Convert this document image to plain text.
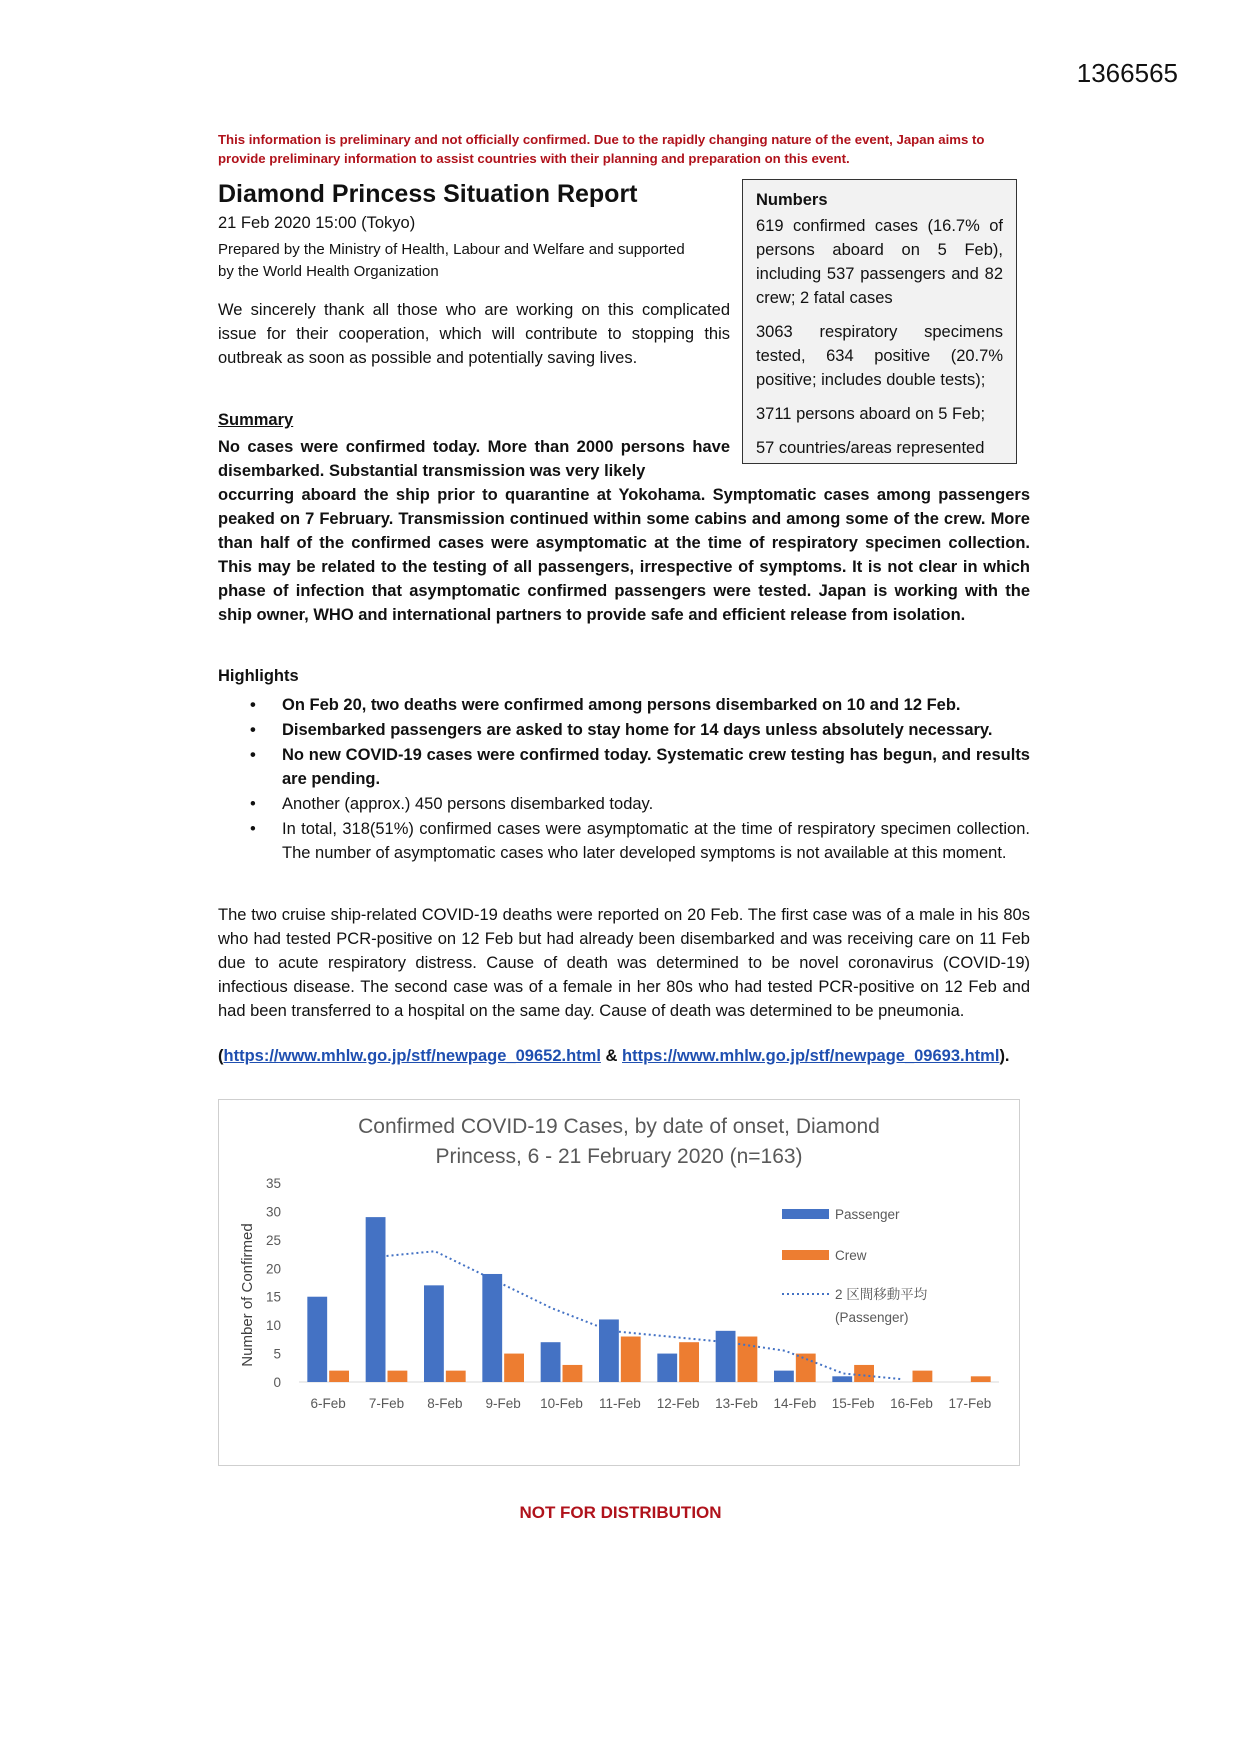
1366565
This information is preliminary and not officially confirmed. Due to the rapidly changing nature of the event, Japan aims to provide preliminary information to assist countries with their planning and preparation on this event.
Diamond Princess Situation Report
21 Feb 2020 15:00 (Tokyo)
Prepared by the Ministry of Health, Labour and Welfare and supported by the World Health Organization
We sincerely thank all those who are working on this complicated issue for their cooperation, which will contribute to stopping this outbreak as soon as possible and potentially saving lives.
Numbers

619 confirmed cases (16.7% of persons aboard on 5 Feb), including 537 passengers and 82 crew; 2 fatal cases

3063 respiratory specimens tested, 634 positive (20.7% positive; includes double tests);

3711 persons aboard on 5 Feb;

57 countries/areas represented

Summary
No cases were confirmed today. More than 2000 persons have disembarked. Substantial transmission was very likely
occurring aboard the ship prior to quarantine at Yokohama. Symptomatic cases among passengers peaked on 7 February. Transmission continued within some cabins and among some of the crew. More than half of the confirmed cases were asymptomatic at the time of respiratory specimen collection. This may be related to the testing of all passengers, irrespective of symptoms. It is not clear in which phase of infection that asymptomatic confirmed passengers were tested. Japan is working with the ship owner, WHO and international partners to provide safe and efficient release from isolation.
Highlights
• On Feb 20, two deaths were confirmed among persons disembarked on 10 and 12 Feb.
• Disembarked passengers are asked to stay home for 14 days unless absolutely necessary.
• No new COVID-19 cases were confirmed today. Systematic crew testing has begun, and results are pending.
• Another (approx.) 450 persons disembarked today.
• In total, 318(51%) confirmed cases were asymptomatic at the time of respiratory specimen collection. The number of asymptomatic cases who later developed symptoms is not available at this moment.
The two cruise ship-related COVID-19 deaths were reported on 20 Feb. The first case was of a male in his 80s who had tested PCR-positive on 12 Feb but had already been disembarked and was receiving care on 11 Feb due to acute respiratory distress. Cause of death was determined to be novel coronavirus (COVID-19) infectious disease. The second case was of a female in her 80s who had tested PCR-positive on 12 Feb and had been transferred to a hospital on the same day. Cause of death was determined to be pneumonia.
(https://www.mhlw.go.jp/stf/newpage_09652.html & https://www.mhlw.go.jp/stf/newpage_09693.html).
Confirmed COVID-19 Cases, by date of onset, Diamond
Princess, 6 - 21 February 2020 (n=163)
Number of Confirmed
0
5
10
15
20
25
30
35
6-Feb 7-Feb 8-Feb 9-Feb 10-Feb 11-Feb 12-Feb 13-Feb 14-Feb 15-Feb 16-Feb 17-Feb
Passenger
Crew
2 区間移動平均
(Passenger)
NOT FOR DISTRIBUTION
